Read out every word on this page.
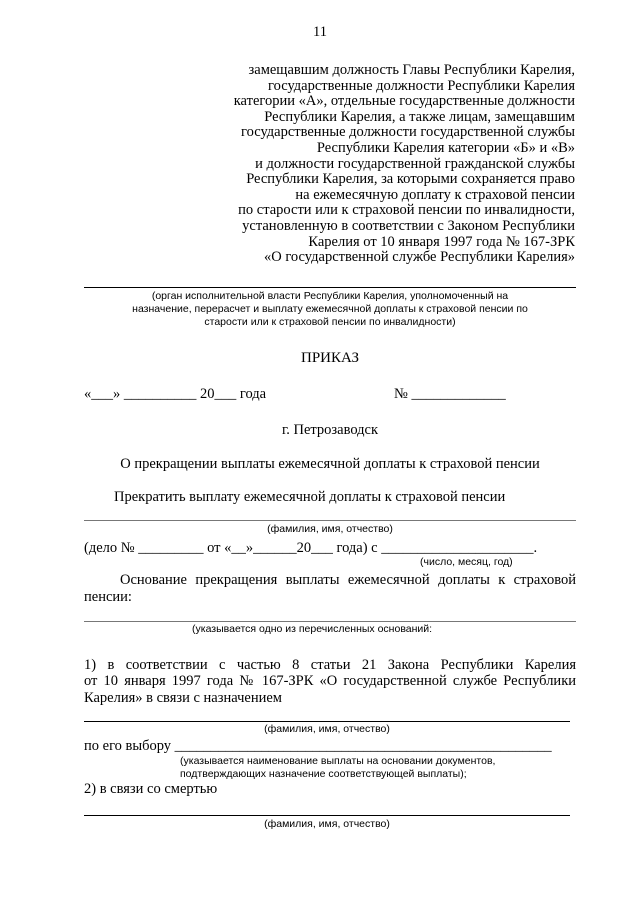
11
замещавшим должность Главы Республики Карелия,
государственные должности Республики Карелия
категории «А», отдельные государственные должности
Республики Карелия, а также лицам, замещавшим
государственные должности государственной службы
Республики Карелия категории «Б» и «В»
и должности государственной гражданской службы
Республики Карелия, за которыми сохраняется право
на ежемесячную доплату к страховой пенсии
по старости или к страховой пенсии по инвалидности,
установленную в соответствии с Законом Республики
Карелия от 10 января 1997 года № 167-ЗРК
«О государственной службе Республики Карелия»
(орган исполнительной власти Республики Карелия, уполномоченный на
назначение, перерасчет и выплату ежемесячной доплаты к страховой пенсии по
старости или к страховой пенсии по инвалидности)
ПРИКАЗ
«___» __________ 20___ года	№ _____________
г. Петрозаводск
О прекращении выплаты ежемесячной доплаты к страховой пенсии
Прекратить выплату ежемесячной доплаты к страховой пенсии
(фамилия, имя, отчество)
(дело № _________ от «__»______20___ года) с _____________________.
(число, месяц, год)
Основание прекращения выплаты ежемесячной доплаты к страховой
пенсии:
(указывается одно из перечисленных оснований:
1) в соответствии с частью 8 статьи 21 Закона Республики Карелия
от 10 января 1997 года № 167-ЗРК «О государственной службе Республики
Карелия» в связи с назначением
(фамилия, имя, отчество)
по его выбору ____________________________________________________
(указывается наименование выплаты на основании документов,
подтверждающих назначение соответствующей выплаты);
2) в связи со смертью
(фамилия, имя, отчество)
